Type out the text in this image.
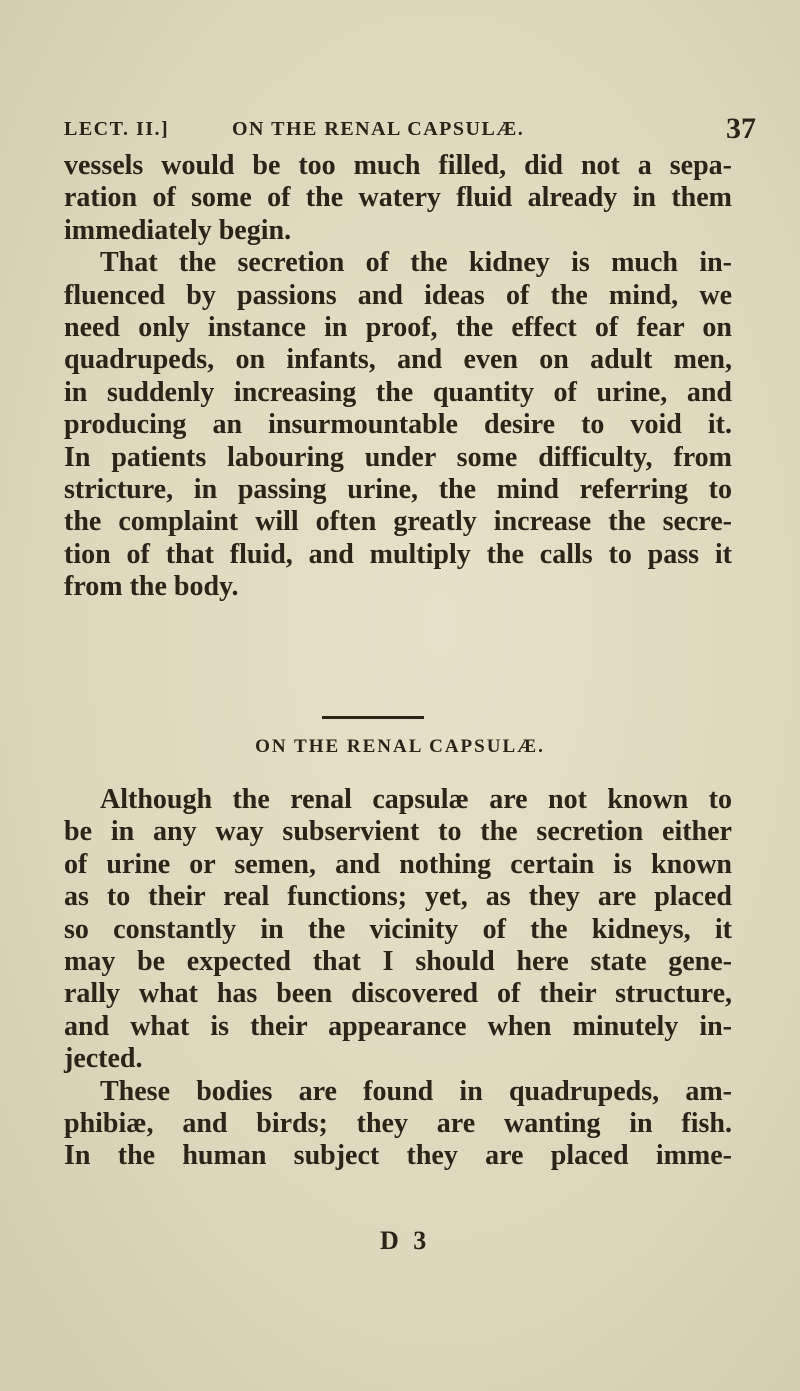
LECT. II.]	ON THE RENAL CAPSULÆ.	37
vessels would be too much filled, did not a sepa-
ration of some of the watery fluid already in them
immediately begin.
That the secretion of the kidney is much in-
fluenced by passions and ideas of the mind, we
need only instance in proof, the effect of fear on
quadrupeds, on infants, and even on adult men,
in suddenly increasing the quantity of urine, and
producing an insurmountable desire to void it.
In patients labouring under some difficulty, from
stricture, in passing urine, the mind referring to
the complaint will often greatly increase the secre-
tion of that fluid, and multiply the calls to pass it
from the body.
ON THE RENAL CAPSULÆ.
Although the renal capsulæ are not known to
be in any way subservient to the secretion either
of urine or semen, and nothing certain is known
as to their real functions; yet, as they are placed
so constantly in the vicinity of the kidneys, it
may be expected that I should here state gene-
rally what has been discovered of their structure,
and what is their appearance when minutely in-
jected.
These bodies are found in quadrupeds, am-
phibiæ, and birds; they are wanting in fish.
In the human subject they are placed imme-
D 3
